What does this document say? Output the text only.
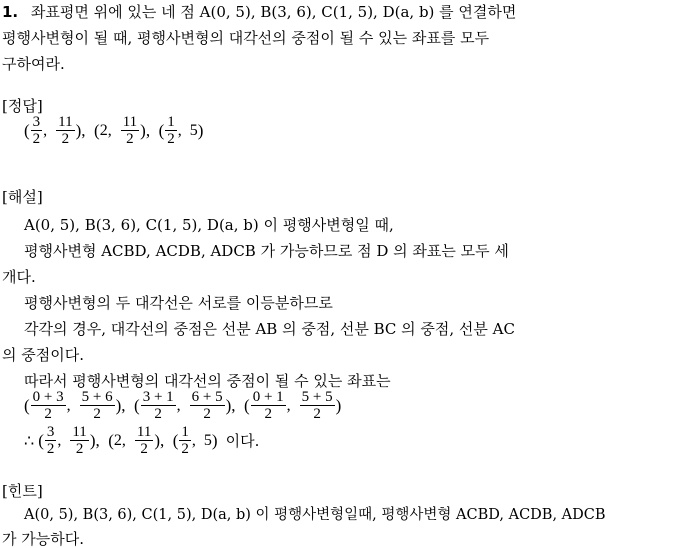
1. 좌표평면 위에 있는 네 점 A(0, 5), B(3, 6), C(1, 5), D(a, b) 를 연결하면
평행사변형이 될 때, 평행사변형의 대각선의 중점이 될 수 있는 좌표를 모두
구하여라.
[정답]
( $\frac{3}{2}$ , $\frac{11}{2}$ ),  ( 2 , $\frac{11}{2}$ ),  ( $\frac{1}{2}$ , 5 )
[해설]
A(0, 5), B(3, 6), C(1, 5), D(a, b) 이 평행사변형일 때,
평행사변형 ACBD, ACDB, ADCB 가 가능하므로 점 D 의 좌표는 모두 세
개다.
평행사변형의 두 대각선은 서로를 이등분하므로
각각의 경우, 대각선의 중점은 선분 AB 의 중점, 선분 BC 의 중점, 선분 AC
의 중점이다.
따라서 평행사변형의 대각선의 중점이 될 수 있는 좌표는
( $\frac{0 + 3}{2}$ , $\frac{5 + 6}{2}$ ),  ( $\frac{3 + 1}{2}$ , $\frac{6 + 5}{2}$ ),  ( $\frac{0 + 1}{2}$ , $\frac{5 + 5}{2}$ )
∴ ( $\frac{3}{2}$ , $\frac{11}{2}$ ),  ( 2 , $\frac{11}{2}$ ),  ( $\frac{1}{2}$ , 5 ) 이다.
[힌트]
A(0, 5), B(3, 6), C(1, 5), D(a, b) 이 평행사변형일때, 평행사변형 ACBD, ACDB, ADCB
가 가능하다.
